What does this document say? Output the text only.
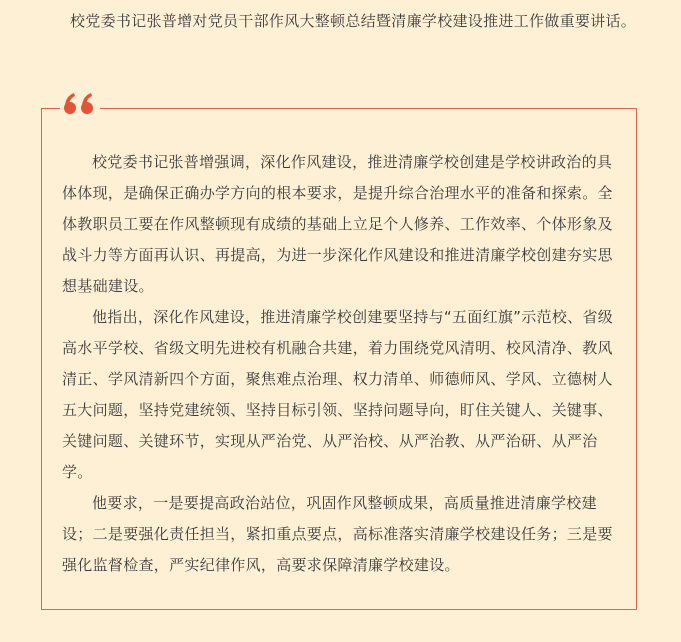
校党委书记张普增对党员干部作风大整顿总结暨清廉学校建设推进工作做重要讲话。

校党委书记张普增强调，深化作风建设，推进清廉学校创建是学校讲政治的具体体现，是确保正确办学方向的根本要求，是提升综合治理水平的准备和探索。全体教职员工要在作风整顿现有成绩的基础上立足个人修养、工作效率、个体形象及战斗力等方面再认识、再提高，为进一步深化作风建设和推进清廉学校创建夯实思想基础建设。

他指出，深化作风建设，推进清廉学校创建要坚持与“五面红旗”示范校、省级高水平学校、省级文明先进校有机融合共建，着力围绕党风清明、校风清净、教风清正、学风清新四个方面，聚焦难点治理、权力清单、师德师风、学风、立德树人五大问题，坚持党建统领、坚持目标引领、坚持问题导向，盯住关键人、关键事、关键问题、关键环节，实现从严治党、从严治校、从严治教、从严治研、从严治学。

他要求，一是要提高政治站位，巩固作风整顿成果，高质量推进清廉学校建设；二是要强化责任担当，紧扣重点要点，高标准落实清廉学校建设任务；三是要强化监督检查，严实纪律作风，高要求保障清廉学校建设。
